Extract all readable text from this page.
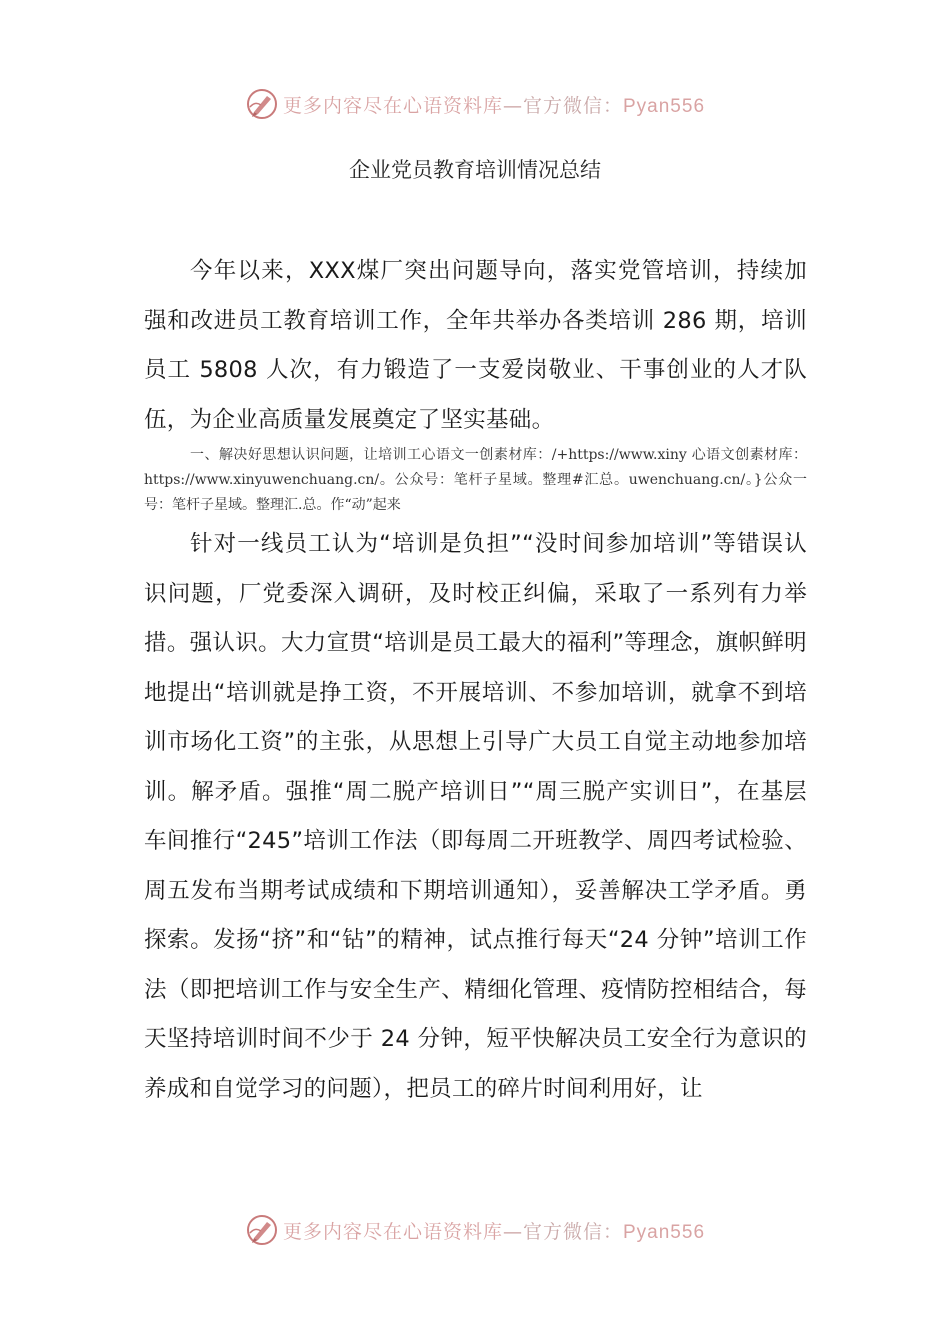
更多内容尽在心语资料库—官方微信：Pyan556
企业党员教育培训情况总结

今年以来，XXX煤厂突出问题导向，落实党管培训，持续加强和改进员工教育培训工作，全年共举办各类培训 286 期，培训员工 5808 人次，有力锻造了一支爱岗敬业、干事创业的人才队伍，为企业高质量发展奠定了坚实基础。

一、解决好思想认识问题，让培训工心语文一创素材库：/+https://www.xiny 心语文创素材库：https://www.xinyuwenchuang.cn/。公众号：笔杆子星域。整理#汇总。uwenchuang.cn/。}公众一号：笔杆子星域。整理汇.总。作“动”起来

针对一线员工认为“培训是负担”“没时间参加培训”等错误认识问题，厂党委深入调研，及时校正纠偏，采取了一系列有力举措。强认识。大力宣贯“培训是员工最大的福利”等理念，旗帜鲜明地提出“培训就是挣工资，不开展培训、不参加培训，就拿不到培训市场化工资”的主张，从思想上引导广大员工自觉主动地参加培训。解矛盾。强推“周二脱产培训日”“周三脱产实训日”，在基层车间推行“245”培训工作法（即每周二开班教学、周四考试检验、周五发布当期考试成绩和下期培训通知），妥善解决工学矛盾。勇探索。发扬“挤”和“钻”的精神，试点推行每天“24 分钟”培训工作法（即把培训工作与安全生产、精细化管理、疫情防控相结合，每天坚持培训时间不少于 24 分钟，短平快解决员工安全行为意识的养成和自觉学习的问题），把员工的碎片时间利用好，让

更多内容尽在心语资料库—官方微信：Pyan556
